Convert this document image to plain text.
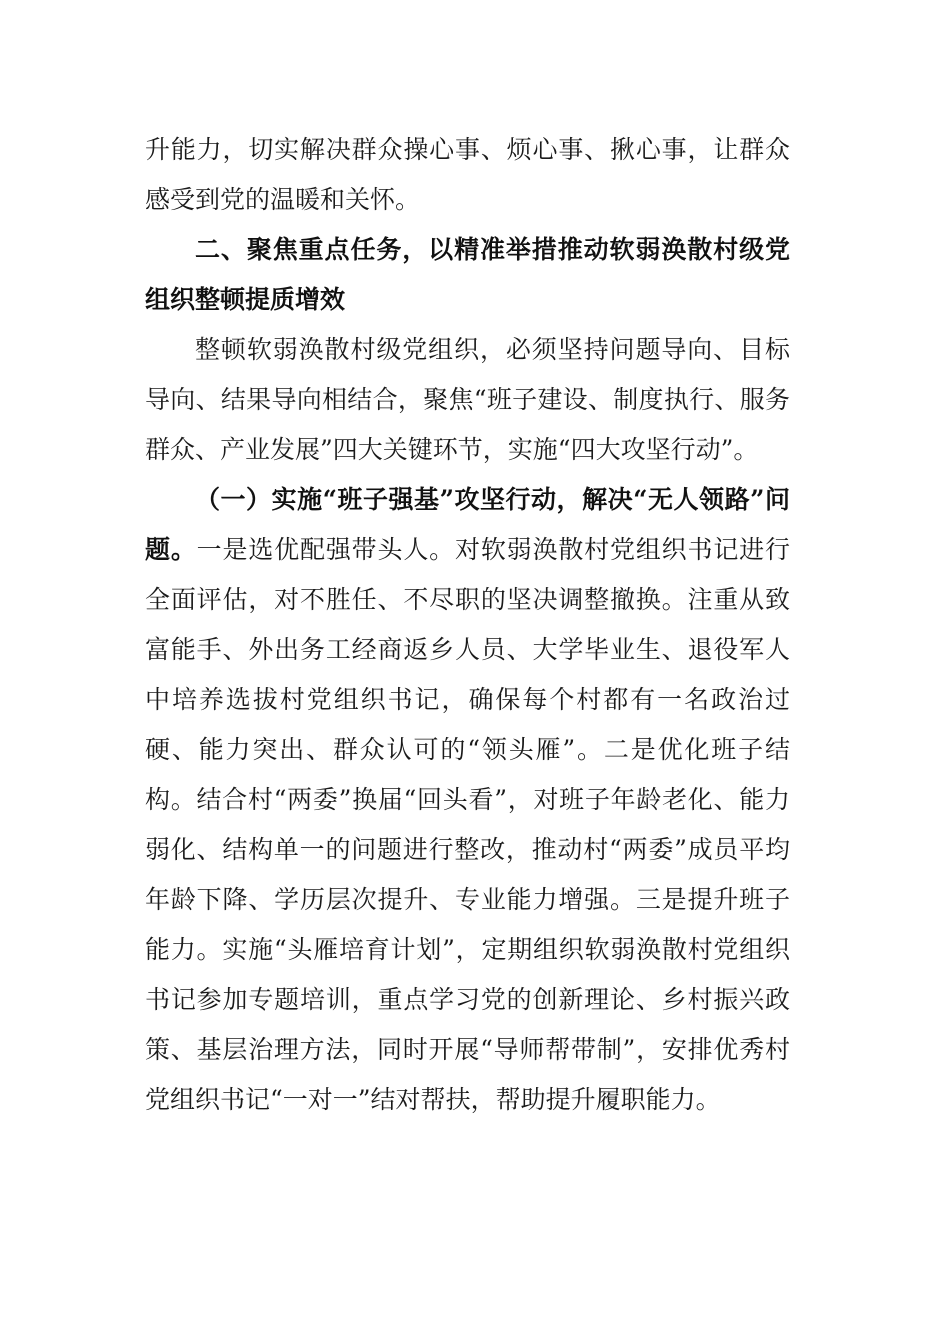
升能力，切实解决群众操心事、烦心事、揪心事，让群众感受到党的温暖和关怀。

二、聚焦重点任务，以精准举措推动软弱涣散村级党组织整顿提质增效

整顿软弱涣散村级党组织，必须坚持问题导向、目标导向、结果导向相结合，聚焦“班子建设、制度执行、服务群众、产业发展”四大关键环节，实施“四大攻坚行动”。

（一）实施“班子强基”攻坚行动，解决“无人领路”问题。一是选优配强带头人。对软弱涣散村党组织书记进行全面评估，对不胜任、不尽职的坚决调整撤换。注重从致富能手、外出务工经商返乡人员、大学毕业生、退役军人中培养选拔村党组织书记，确保每个村都有一名政治过硬、能力突出、群众认可的“领头雁”。二是优化班子结构。结合村“两委”换届“回头看”，对班子年龄老化、能力弱化、结构单一的问题进行整改，推动村“两委”成员平均年龄下降、学历层次提升、专业能力增强。三是提升班子能力。实施“头雁培育计划”，定期组织软弱涣散村党组织书记参加专题培训，重点学习党的创新理论、乡村振兴政策、基层治理方法，同时开展“导师帮带制”，安排优秀村党组织书记“一对一”结对帮扶，帮助提升履职能力。
